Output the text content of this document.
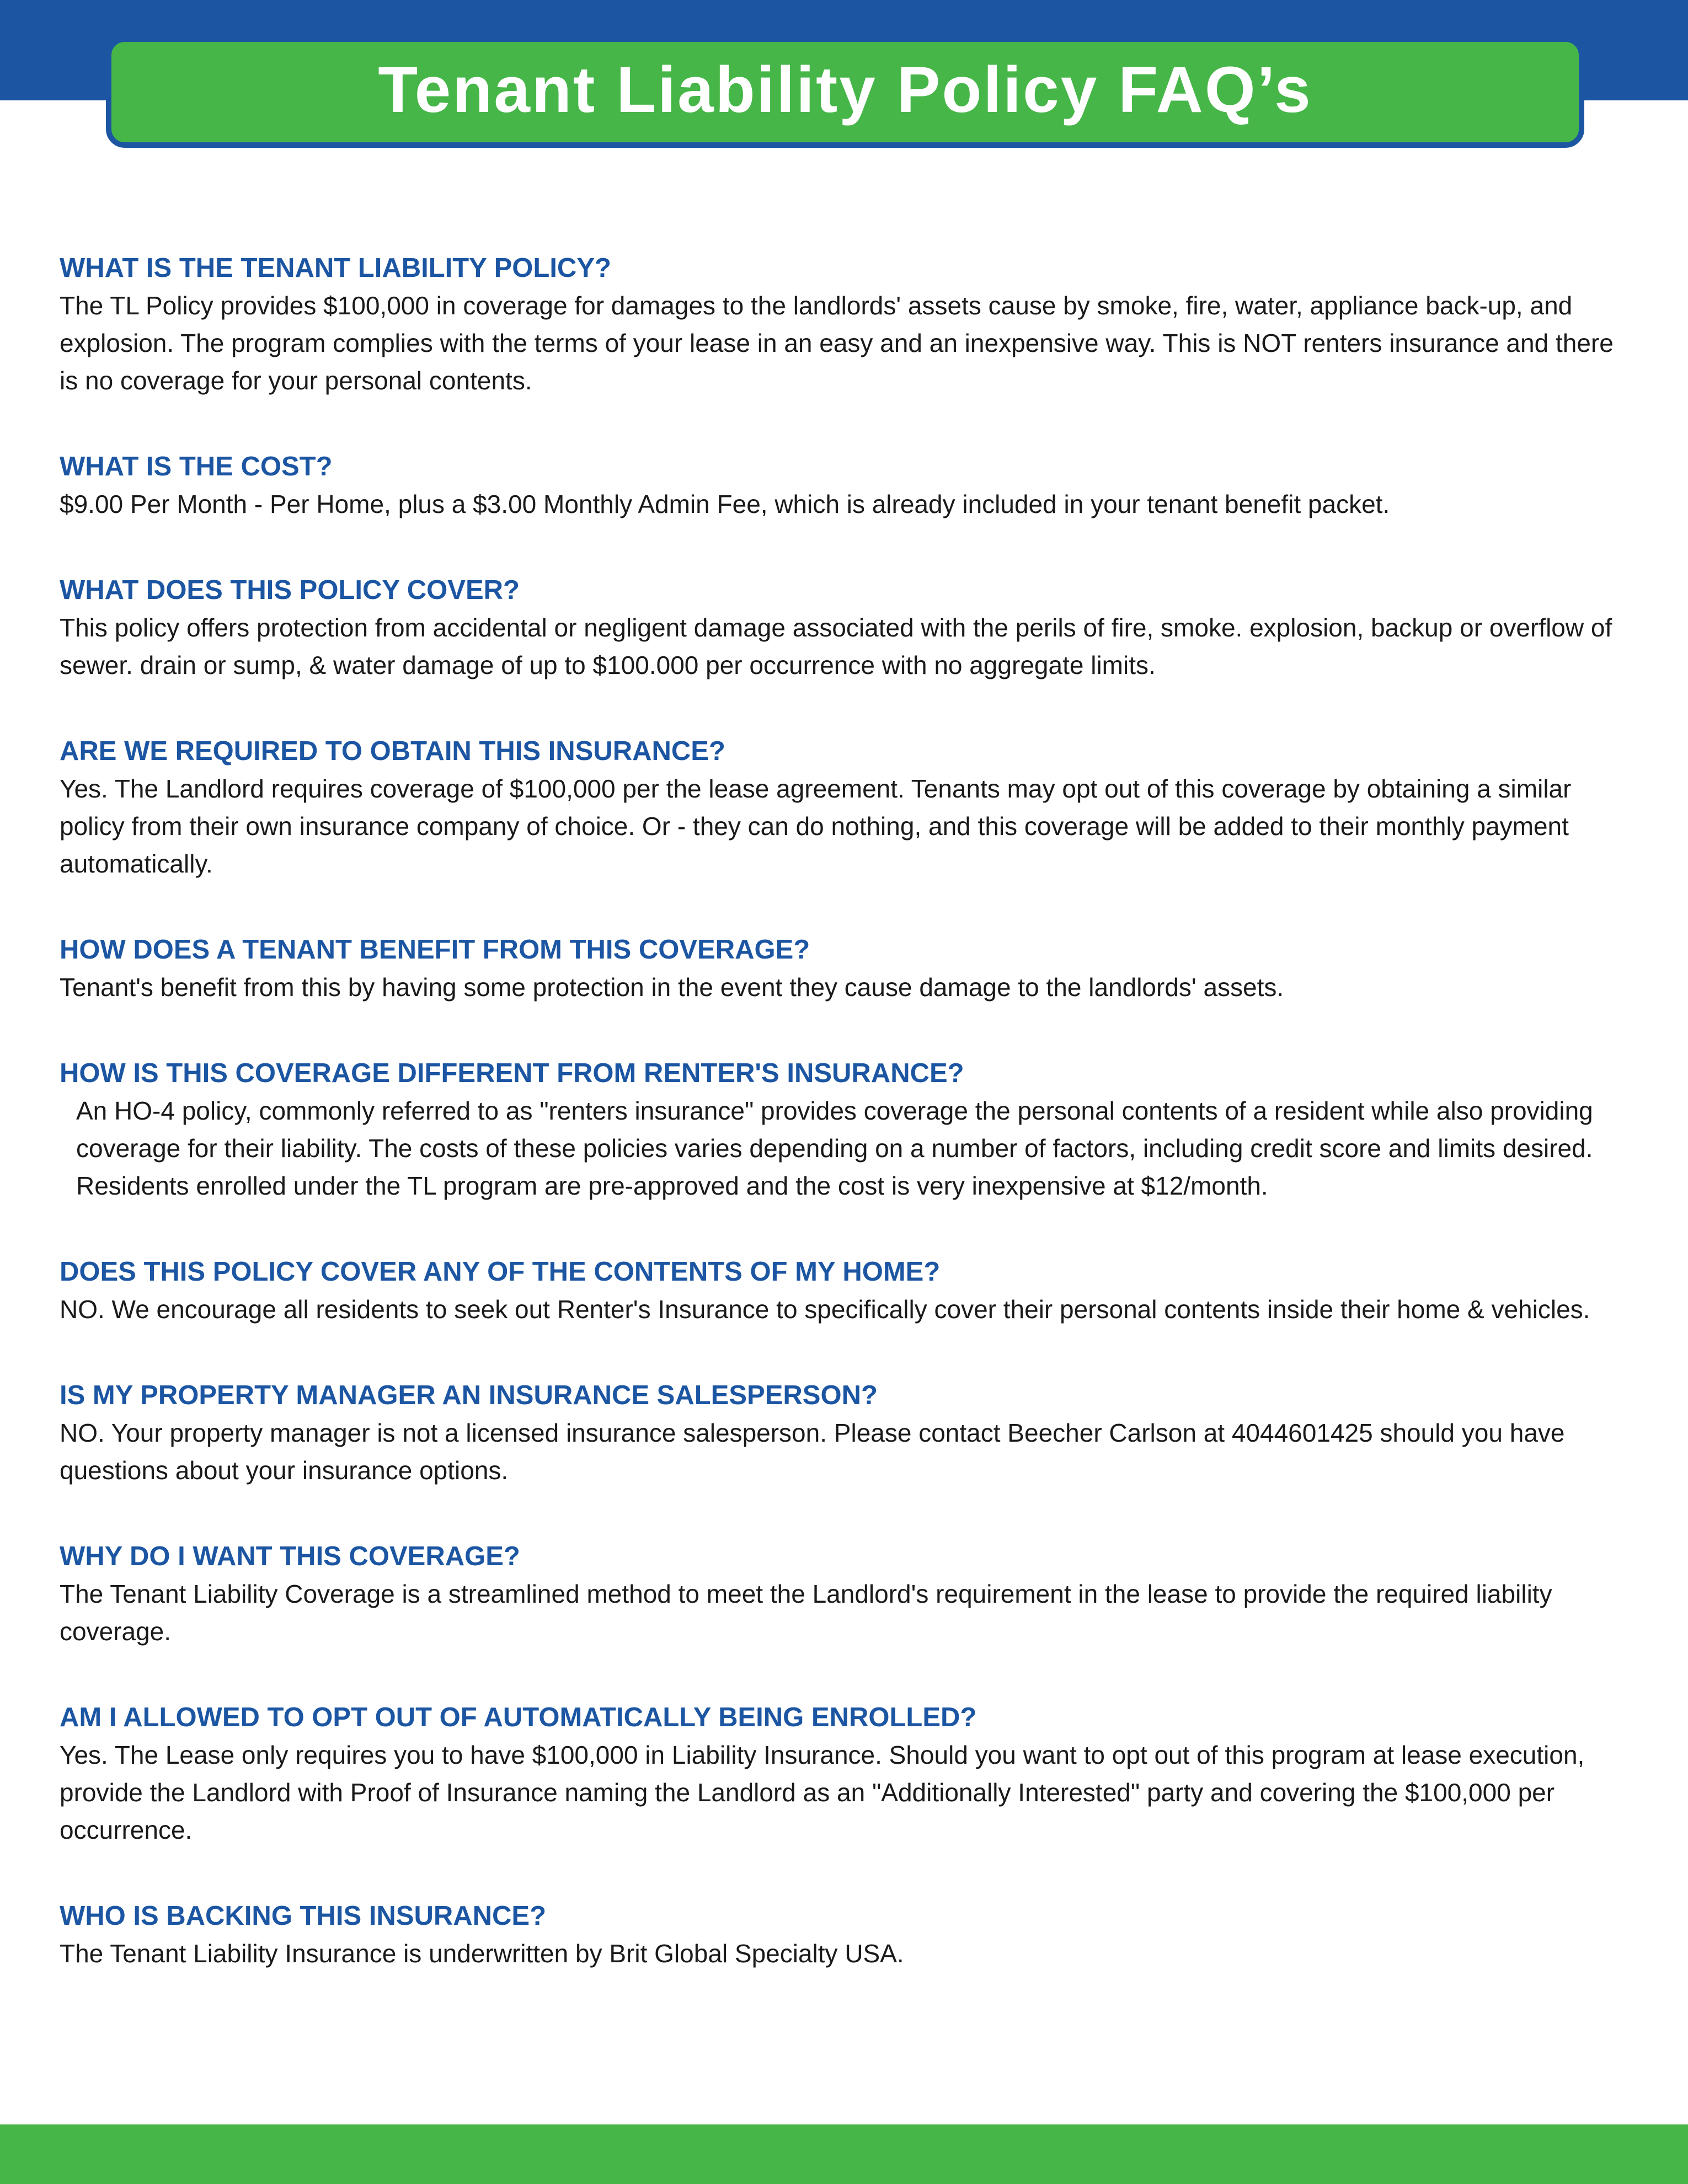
Tenant Liability Policy FAQ’s

WHAT IS THE TENANT LIABILITY POLICY?

The TL Policy provides $100,000 in coverage for damages to the landlords' assets cause by smoke, fire, water, appliance back-up, and explosion. The program complies with the terms of your lease in an easy and an inexpensive way. This is NOT renters insurance and there is no coverage for your personal contents.

WHAT IS THE COST?

$9.00 Per Month - Per Home, plus a $3.00 Monthly Admin Fee, which is already included in your tenant benefit packet.

WHAT DOES THIS POLICY COVER?

This policy offers protection from accidental or negligent damage associated with the perils of fire, smoke. explosion, backup or overflow of sewer. drain or sump, & water damage of up to $100.000 per occurrence with no aggregate limits.

ARE WE REQUIRED TO OBTAIN THIS INSURANCE?

Yes. The Landlord requires coverage of $100,000 per the lease agreement. Tenants may opt out of this coverage by obtaining a similar policy from their own insurance company of choice. Or - they can do nothing, and this coverage will be added to their monthly payment automatically.

HOW DOES A TENANT BENEFIT FROM THIS COVERAGE?

Tenant's benefit from this by having some protection in the event they cause damage to the landlords' assets.

HOW IS THIS COVERAGE DIFFERENT FROM RENTER'S INSURANCE?

An HO-4 policy, commonly referred to as "renters insurance" provides coverage the personal contents of a resident while also providing coverage for their liability. The costs of these policies varies depending on a number of factors, including credit score and limits desired. Residents enrolled under the TL program are pre-approved and the cost is very inexpensive at $12/month.

DOES THIS POLICY COVER ANY OF THE CONTENTS OF MY HOME?

NO. We encourage all residents to seek out Renter's Insurance to specifically cover their personal contents inside their home & vehicles.

IS MY PROPERTY MANAGER AN INSURANCE SALESPERSON?

NO. Your property manager is not a licensed insurance salesperson. Please contact Beecher Carlson at 4044601425 should you have questions about your insurance options.

WHY DO I WANT THIS COVERAGE?

The Tenant Liability Coverage is a streamlined method to meet the Landlord's requirement in the lease to provide the required liability coverage.

AM I ALLOWED TO OPT OUT OF AUTOMATICALLY BEING ENROLLED?

Yes. The Lease only requires you to have $100,000 in Liability Insurance. Should you want to opt out of this program at lease execution, provide the Landlord with Proof of Insurance naming the Landlord as an "Additionally Interested" party and covering the $100,000 per occurrence.

WHO IS BACKING THIS INSURANCE?

The Tenant Liability Insurance is underwritten by Brit Global Specialty USA.
